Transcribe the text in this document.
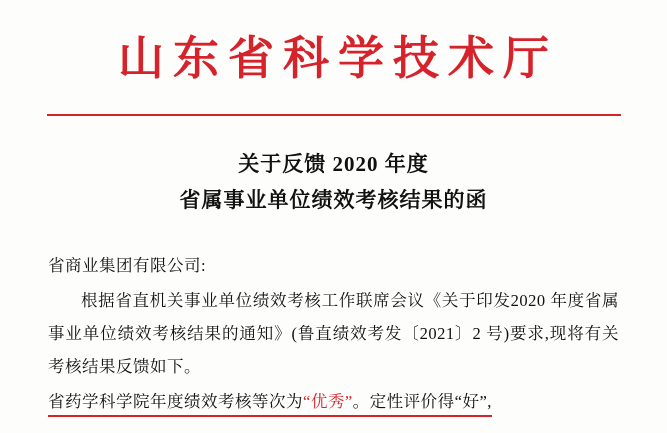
山东省科学技术厅
关于反馈 2020 年度
省属事业单位绩效考核结果的函
省商业集团有限公司:
根据省直机关事业单位绩效考核工作联席会议《关于印发2020 年度省属事业单位绩效考核结果的通知》(鲁直绩效考发〔2021〕2 号)要求,现将有关考核结果反馈如下。
省药学科学院年度绩效考核等次为“优秀”。定性评价得“好”,
